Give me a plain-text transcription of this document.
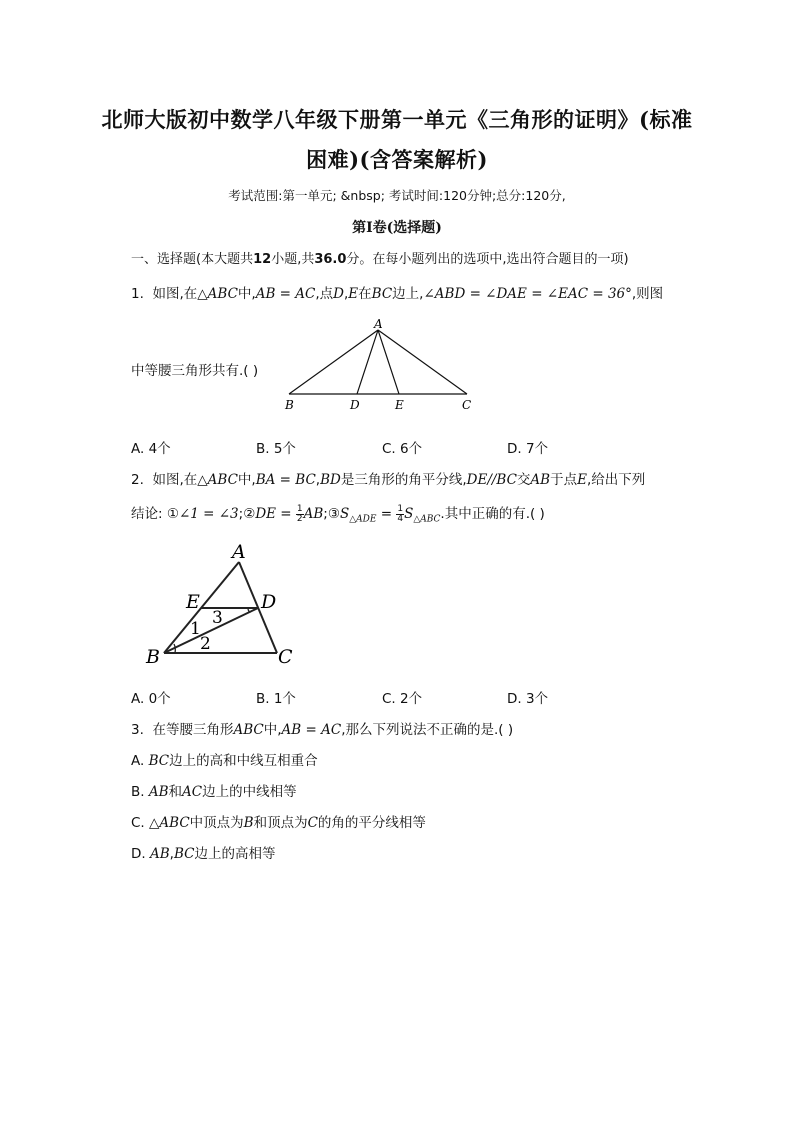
北师大版初中数学八年级下册第一单元《三角形的证明》(标准
困难)(含答案解析)
考试范围:第一单元; &nbsp; 考试时间:120分钟;总分:120分,
第I卷(选择题)
一、选择题(本大题共12小题,共36.0分。在每小题列出的选项中,选出符合题目的一项)
1. 如图,在△ABC中,AB = AC,点D,E在BC边上,∠ABD = ∠DAE = ∠EAC = 36°,则图
中等腰三角形共有.( )
A
B	D	E	C
A. 4个	B. 5个	C. 6个	D. 7个
2. 如图,在△ABC中,BA = BC,BD是三角形的角平分线,DE//BC交AB于点E,给出下列
结论: ①∠1 = ∠3;②DE = $\frac{1}{2}$ $AB;③S_{\triangle ADE} = \frac{1}{4} S_{\triangle ABC}$.其中正确的有.( )
A
E	D
B	C
1
3
2
A. 0个	B. 1个	C. 2个	D. 3个
3. 在等腰三角形ABC中,AB = AC,那么下列说法不正确的是.( )
A. BC边上的高和中线互相重合
B. AB和AC边上的中线相等
C. △ABC中顶点为B和顶点为C的角的平分线相等
D. AB,BC边上的高相等
